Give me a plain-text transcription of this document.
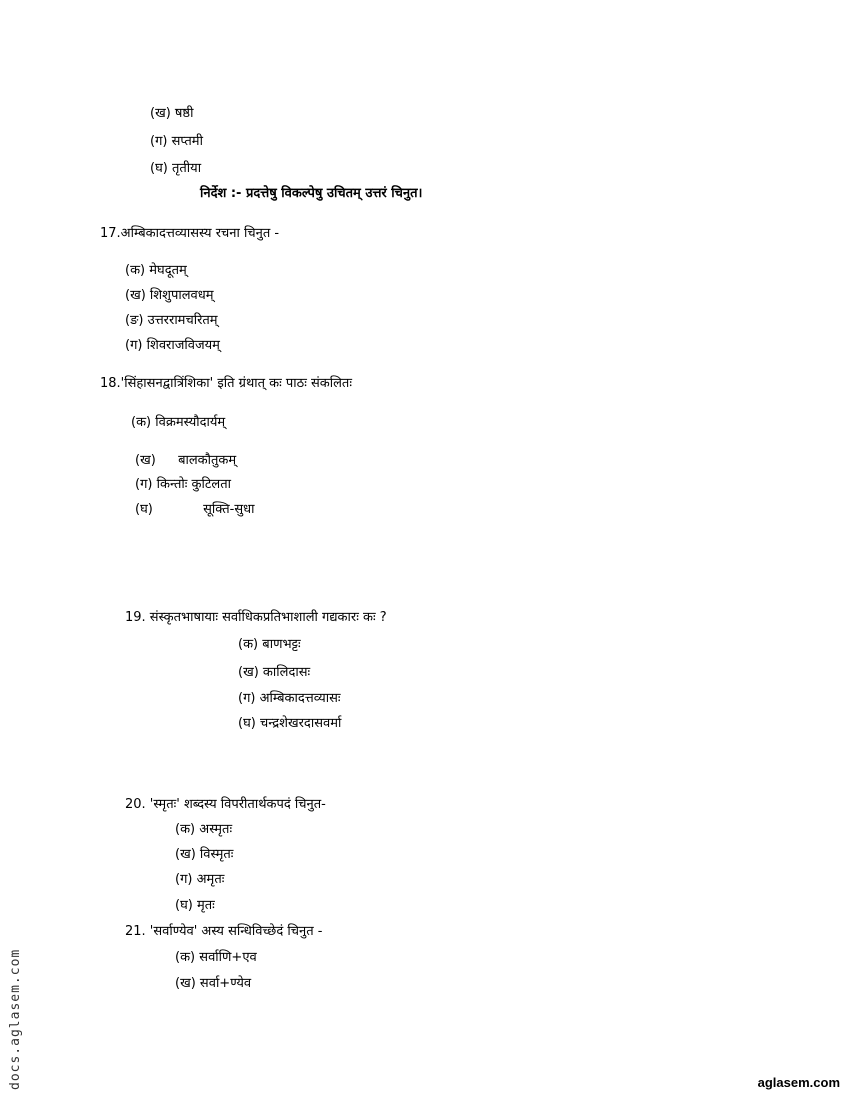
(ख) षष्ठी
(ग) सप्तमी
(घ) तृतीया
निर्देश :- प्रदत्तेषु विकल्पेषु उचितम् उत्तरं चिनुत।
17.अम्बिकादत्तव्यासस्य रचना चिनुत -
(क) मेघदूतम्
(ख) शिशुपालवधम्
(ङ) उत्तररामचरितम्
(ग) शिवराजविजयम्
18.'सिंहासनद्वात्रिंशिका' इति ग्रंथात् कः पाठः संकलितः
(क) विक्रमस्यौदार्यम्
(ख) बालकौतुकम्
(ग) किन्तोः कुटिलता
(घ)	सूक्ति-सुधा
19. संस्कृतभाषायाः सर्वाधिकप्रतिभाशाली गद्यकारः कः ?
(क) बाणभट्टः
(ख) कालिदासः
(ग) अम्बिकादत्तव्यासः
(घ) चन्द्रशेखरदासवर्मा
20. 'स्मृतः' शब्दस्य विपरीतार्थकपदं चिनुत-
(क) अस्मृतः
(ख) विस्मृतः
(ग) अमृतः
(घ) मृतः
21. 'सर्वाण्येव' अस्य सन्धिविच्छेदं चिनुत -
(क) सर्वाणि+एव
(ख) सर्वा+ण्येव
docs.aglasem.com	aglasem.com
